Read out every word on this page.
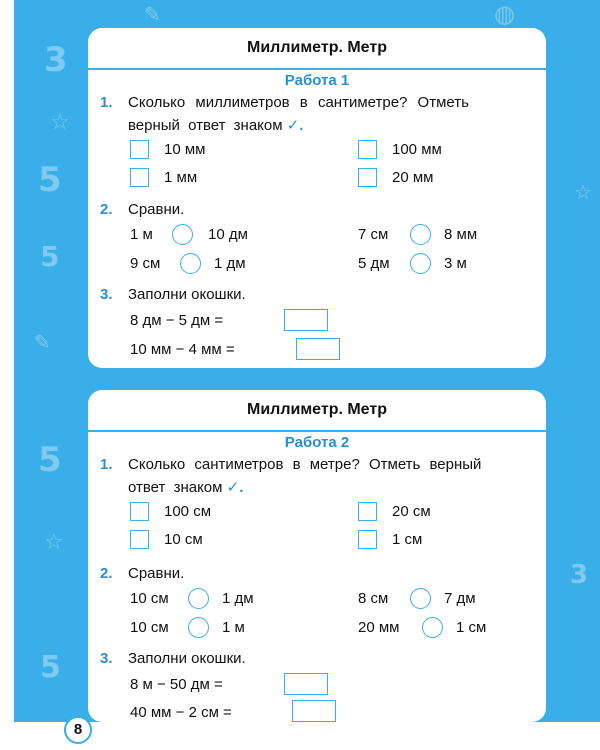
3
5
5
5
5
☆
☆
✎
✎
◍
☆
3
Миллиметр. Метр
Работа 1
1. Сколько миллиметров в сантиметре? Отметь
верный ответ знаком ✓.
10 мм	100 мм
1 мм	20 мм
2. Сравни.
1 м	10 дм	7 см	8 мм
9 см	1 дм	5 дм	3 м
3. Заполни окошки.
8 дм − 5 дм =
10 мм − 4 мм =
Миллиметр. Метр
Работа 2
1. Сколько сантиметров в метре? Отметь верный
ответ знаком ✓.
100 см	20 см
10 см	1 см
2. Сравни.
10 см	1 дм	8 см	7 дм
10 см	1 м	20 мм	1 см
3. Заполни окошки.
8 м − 50 дм =
40 мм − 2 см =
8
